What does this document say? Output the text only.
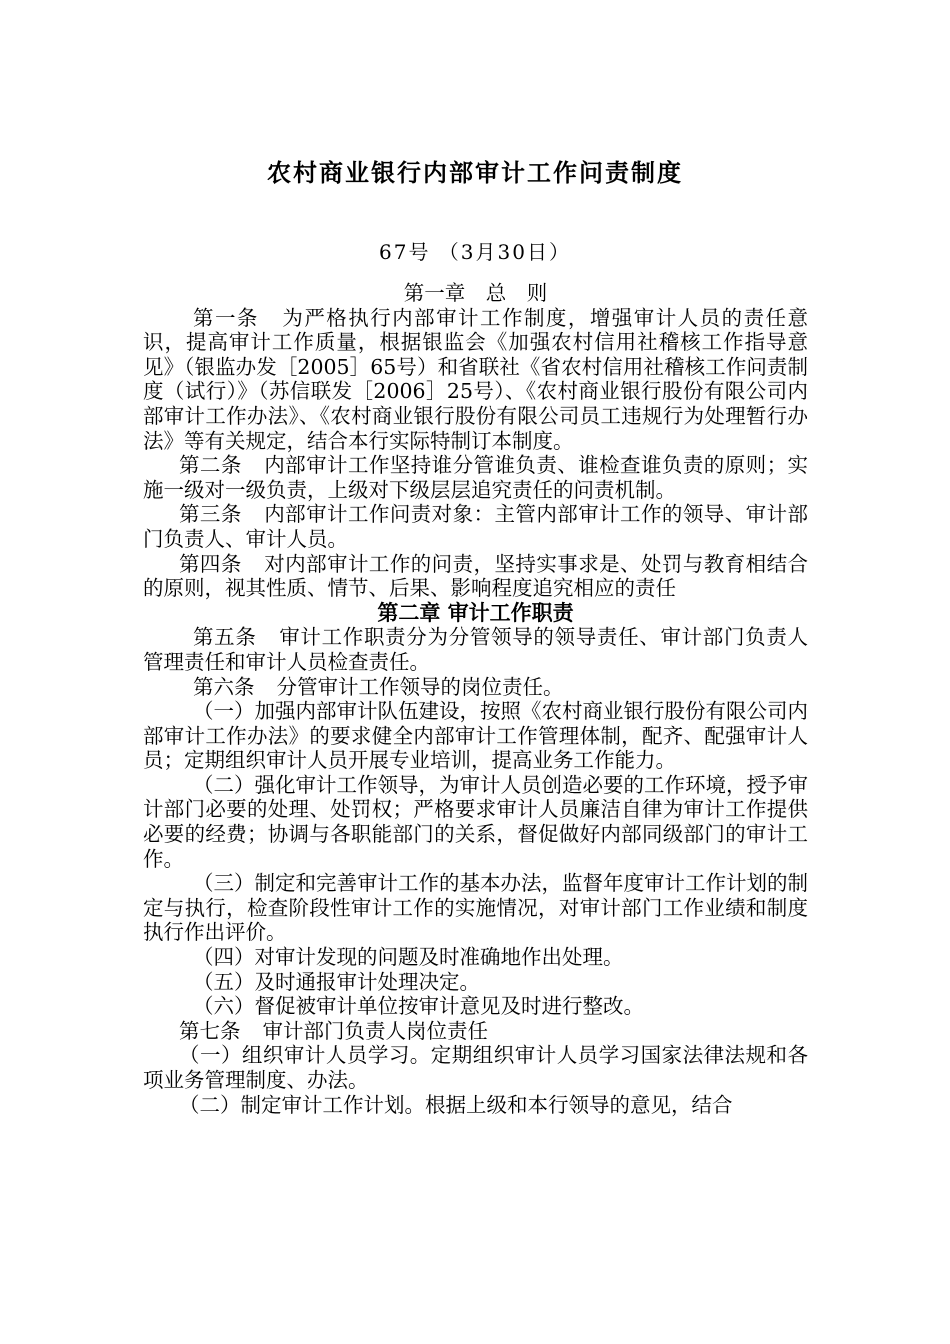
农村商业银行内部审计工作问责制度
67号 （3月30日）

第一章　总　则

第一条 为严格执行内部审计工作制度，增强审计人员的责任意识，提高审计工作质量，根据银监会《加强农村信用社稽核工作指导意见》（银监办发［2005］65号）和省联社《省农村信用社稽核工作问责制度（试行）》（苏信联发［2006］25号）、《农村商业银行股份有限公司内部审计工作办法》、《农村商业银行股份有限公司员工违规行为处理暂行办法》等有关规定，结合本行实际特制订本制度。

第二条 内部审计工作坚持谁分管谁负责、谁检查谁负责的原则；实施一级对一级负责，上级对下级层层追究责任的问责机制。

第三条 内部审计工作问责对象：主管内部审计工作的领导、审计部门负责人、审计人员。

第四条 对内部审计工作的问责，坚持实事求是、处罚与教育相结合的原则，视其性质、情节、后果、影响程度追究相应的责任

第二章 审计工作职责

第五条 审计工作职责分为分管领导的领导责任、审计部门负责人管理责任和审计人员检查责任。

第六条 分管审计工作领导的岗位责任。

（一）加强内部审计队伍建设，按照《农村商业银行股份有限公司内部审计工作办法》的要求健全内部审计工作管理体制，配齐、配强审计人员；定期组织审计人员开展专业培训，提高业务工作能力。

（二）强化审计工作领导，为审计人员创造必要的工作环境，授予审计部门必要的处理、处罚权；严格要求审计人员廉洁自律为审计工作提供必要的经费；协调与各职能部门的关系，督促做好内部同级部门的审计工作。

（三）制定和完善审计工作的基本办法，监督年度审计工作计划的制定与执行，检查阶段性审计工作的实施情况，对审计部门工作业绩和制度执行作出评价。

（四）对审计发现的问题及时准确地作出处理。

（五）及时通报审计处理决定。

（六）督促被审计单位按审计意见及时进行整改。

第七条 审计部门负责人岗位责任

（一）组织审计人员学习。定期组织审计人员学习国家法律法规和各项业务管理制度、办法。

（二）制定审计工作计划。根据上级和本行领导的意见，结合
